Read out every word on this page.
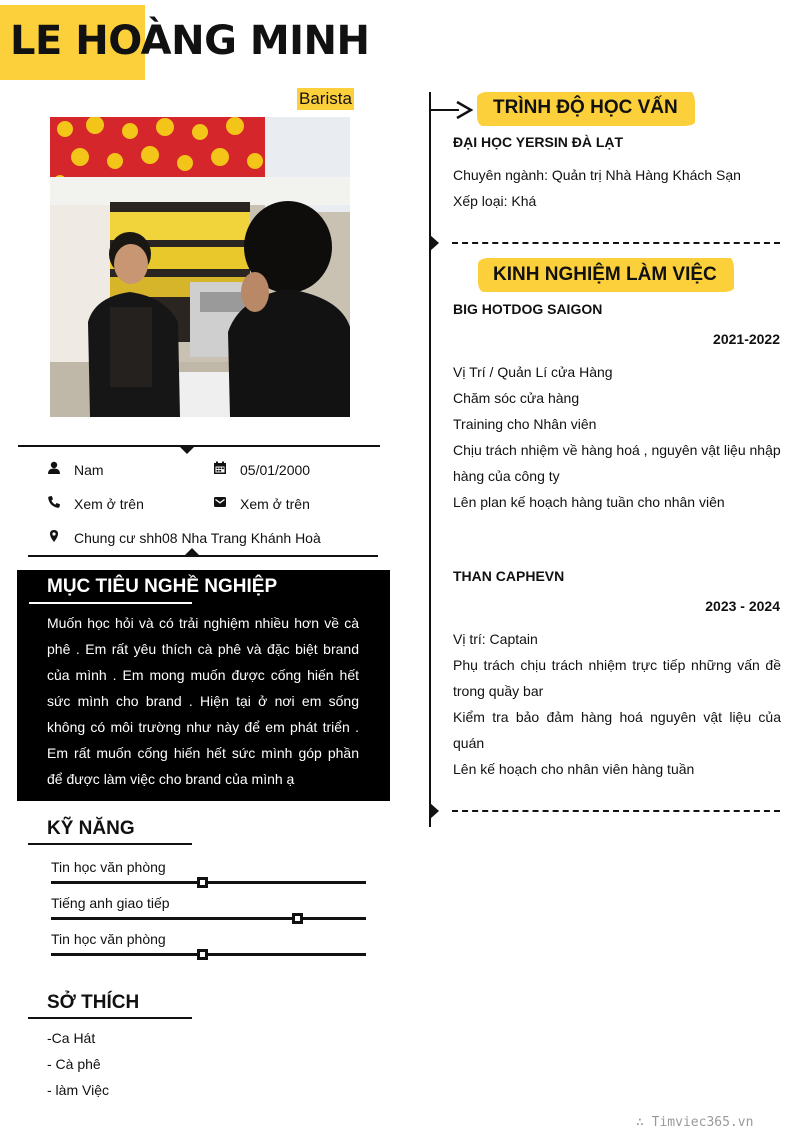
LE HOÀNG MINH
Barista
Nam	05/01/2000
Xem ở trên	Xem ở trên
Chung cư shh08 Nha Trang Khánh Hoà
MỤC TIÊU NGHỀ NGHIỆP
Muốn học hỏi và có trải nghiệm nhiều hơn về cà phê . Em rất yêu thích cà phê và đặc biệt brand của mình . Em mong muốn được cống hiến hết sức mình cho brand . Hiện tại ở nơi em sống không có môi trường như này để em phát triển . Em rất muốn cống hiến hết sức mình góp phần để được làm việc cho brand của mình ạ
KỸ NĂNG
Tin học văn phòng
Tiếng anh giao tiếp
Tin học văn phòng
SỞ THÍCH
-Ca Hát
- Cà phê
- làm Việc
TRÌNH ĐỘ HỌC VẤN
ĐẠI HỌC YERSIN ĐÀ LẠT
Chuyên ngành: Quản trị Nhà Hàng Khách Sạn
Xếp loại: Khá
KINH NGHIỆM LÀM VIỆC
BIG HOTDOG SAIGON
2021-2022
Vị Trí / Quản Lí cửa Hàng
Chăm sóc cửa hàng
Training cho Nhân viên
Chịu trách nhiệm về hàng hoá , nguyên vật liệu nhập hàng của công ty
Lên plan kế hoạch hàng tuần cho nhân viên
THAN CAPHEVN
2023 - 2024
Vị trí: Captain
Phụ trách chịu trách nhiệm trực tiếp những vấn đề trong quầy bar
Kiểm tra bảo đảm hàng hoá nguyên vật liệu của quán
Lên kế hoạch cho nhân viên hàng tuần
∴ Timviec365.vn
